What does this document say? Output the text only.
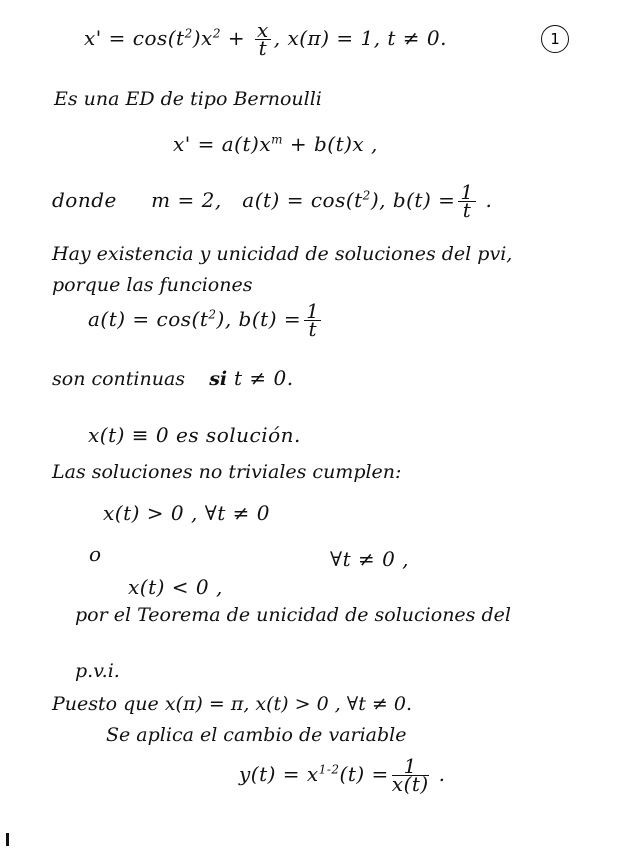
1
$x' = \cos(t^2)x^2 + \frac{x}{t}$ , x(π) = 1, t ≠ 0.
Es una ED de tipo Bernoulli
$x' = a(t)x^m + b(t)x$ ,
donde m = 2, $a(t) = \cos(t^2)$, $b(t) = \frac{1}{t}$ .
Hay existencia y unicidad de soluciones del pvi,
porque las funciones
$a(t) = \cos(t^2)$, $b(t) = \frac{1}{t}$
son continuas si t ≠ 0.
x(t) ≡ 0 es solución.
Las soluciones no triviales cumplen:
x(t) > 0 , ∀t ≠ 0
o	∀t ≠ 0 ,
x(t) < 0 ,
por el Teorema de unicidad de soluciones del
p.v.i.
Puesto que x(π) = π, x(t) > 0 , ∀t ≠ 0.
Se aplica el cambio de variable
$y(t) = x^{1-2}(t) = \frac{1}{x(t)}$ .
